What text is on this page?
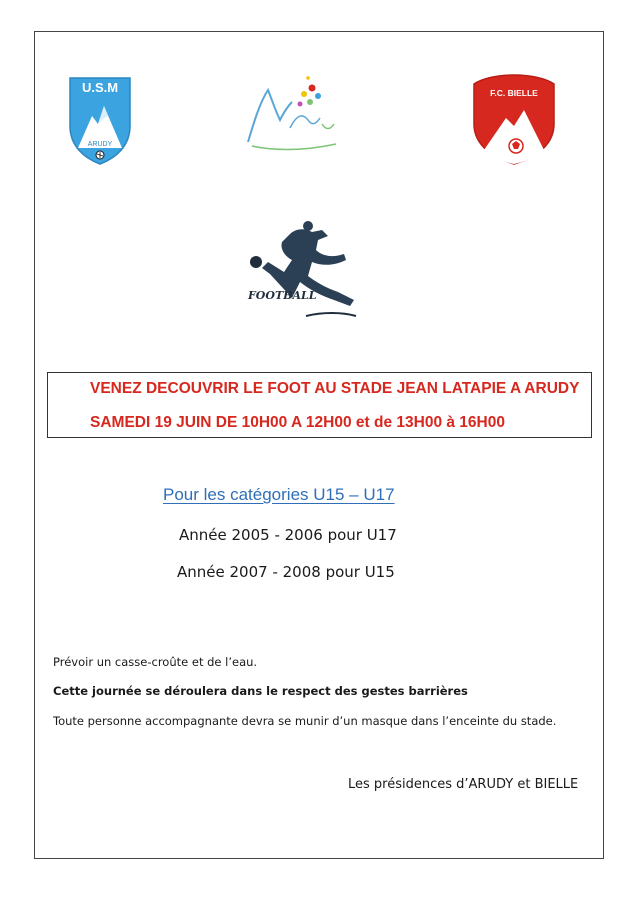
U.S.M
ARUDY
F.C. BIELLE
FOOTBALL
VENEZ DECOUVRIR LE FOOT AU STADE JEAN LATAPIE A ARUDY
SAMEDI 19 JUIN DE 10H00 A 12H00 et de 13H00 à 16H00
Pour les catégories U15 – U17
Année 2005 - 2006 pour U17
Année 2007 - 2008 pour U15
Prévoir un casse-croûte et de l’eau.
Cette journée se déroulera dans le respect des gestes barrières
Toute personne accompagnante devra se munir d’un masque dans l’enceinte du stade.
Les présidences d’ARUDY et BIELLE
